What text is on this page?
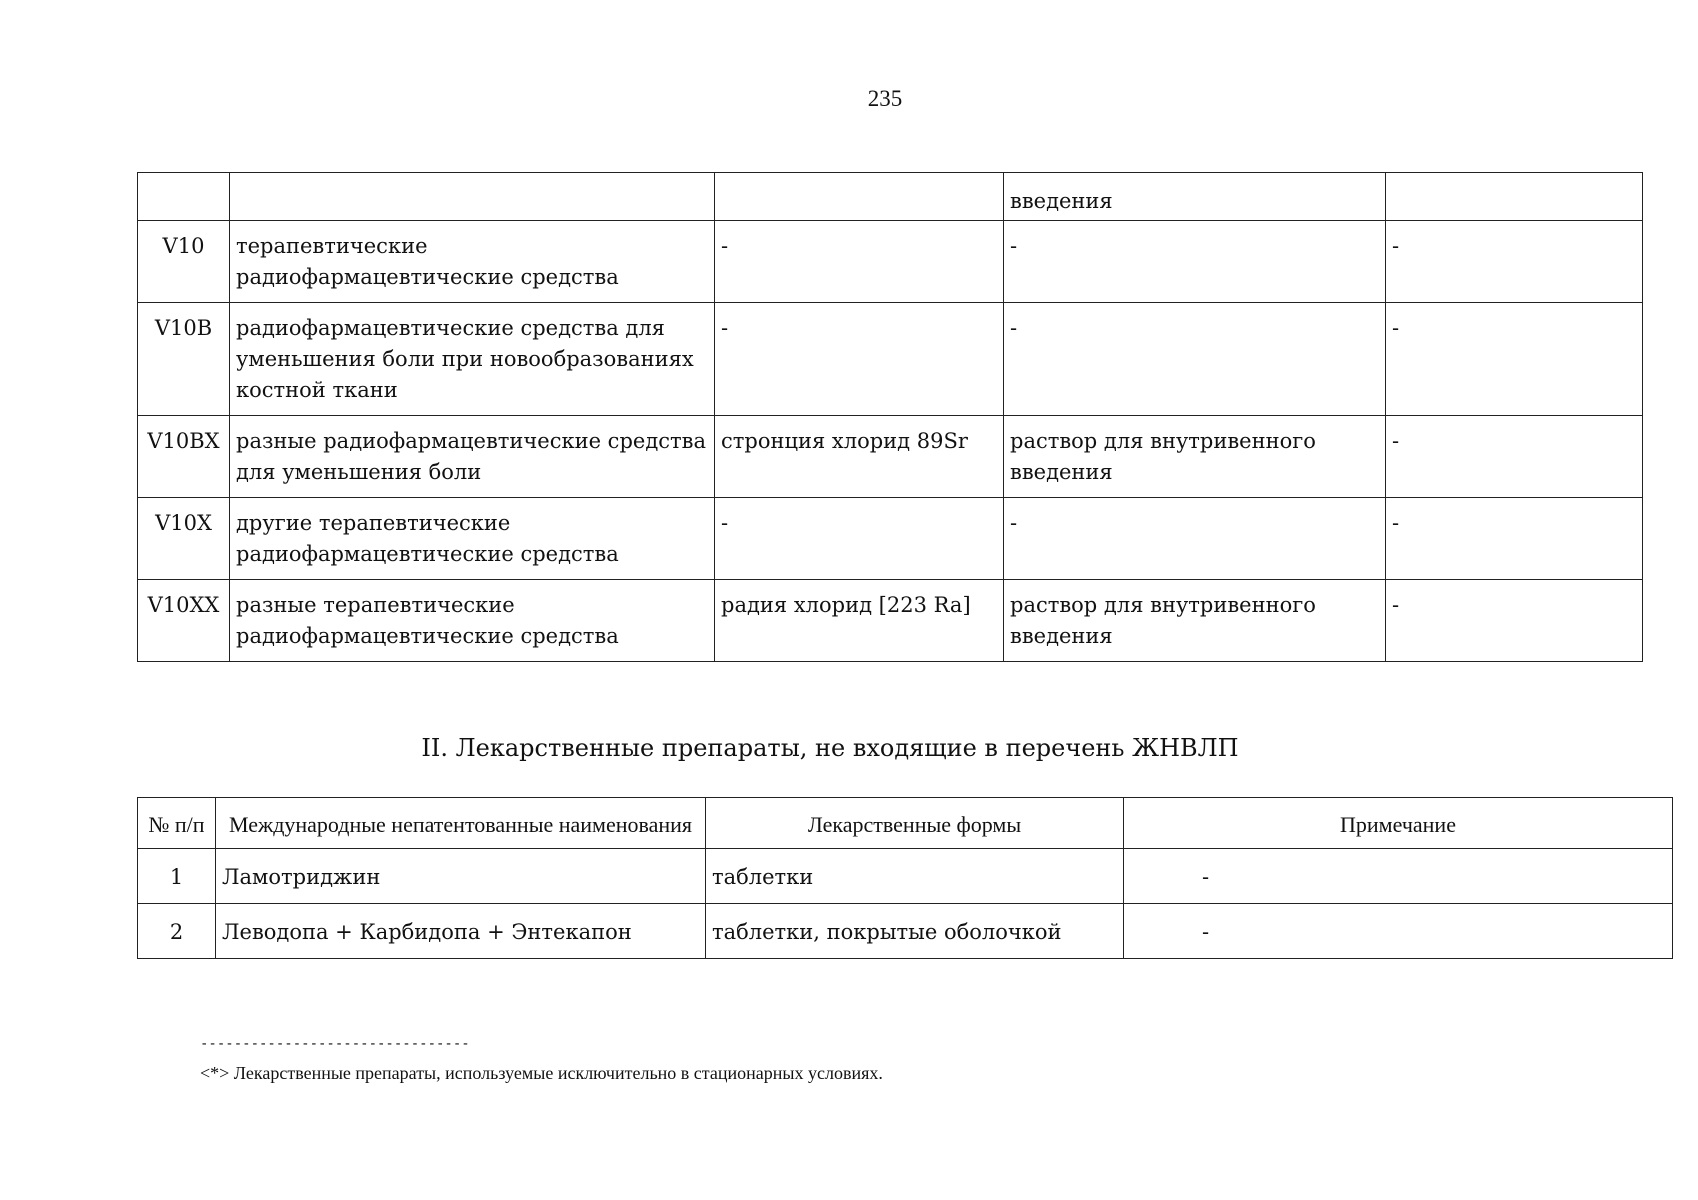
235
			введения	
V10	терапевтические радиофармацевтические средства	-	-	-
V10B	радиофармацевтические средства для уменьшения боли при новообразованиях костной ткани	-	-	-
V10BX	разные радиофармацевтические средства для уменьшения боли	стронция хлорид 89Sr	раствор для внутривенного введения	-
V10X	другие терапевтические радиофармацевтические средства	-	-	-
V10XX	разные терапевтические радиофармацевтические средства	радия хлорид [223 Ra]	раствор для внутривенного введения	-
II. Лекарственные препараты, не входящие в перечень ЖНВЛП
№ п/п	Международные непатентованные наименования	Лекарственные формы	Примечание
1	Ламотриджин	таблетки	-
2	Леводопа + Карбидопа + Энтекапон	таблетки, покрытые оболочкой	-
--------------------------------
<*> Лекарственные препараты, используемые исключительно в стационарных условиях.
